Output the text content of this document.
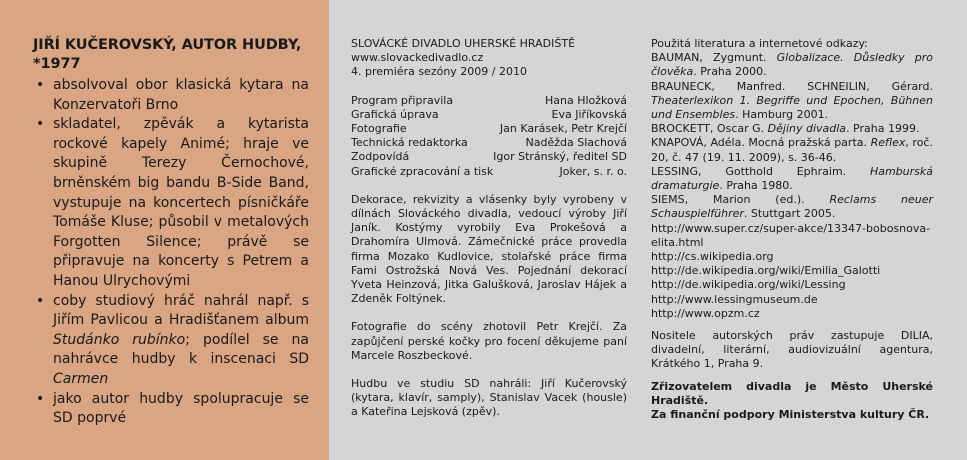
JIŘÍ KUČEROVSKÝ, AUTOR HUDBY,
*1977
• absolvoval obor klasická kytara na Konzervatoři Brno
• skladatel, zpěvák a kytarista rockové kapely Animé; hraje ve skupině Terezy Černochové, brněnském big bandu B-Side Band, vystupuje na koncertech písničkáře Tomáše Kluse; působil v metalových Forgotten Silence; právě se připravuje na koncerty s Petrem a Hanou Ulrychovými
• coby studiový hráč nahrál např. s Jiřím Pavlicou a Hradišťanem album Studánko rubínko; podílel se na nahrávce hudby k inscenaci SD Carmen
• jako autor hudby spolupracuje se SD poprvé
SLOVÁCKÉ DIVADLO UHERSKÉ HRADIŠTĚ
www.slovackedivadlo.cz
4. premiéra sezóny 2009 / 2010
Program připravila	Hana Hložková
Grafická úprava	Eva Jiříkovská
Fotografie	Jan Karásek, Petr Krejčí
Technická redaktorka	Naděžda Slachová
Zodpovídá	Igor Stránský, ředitel SD
Grafické zpracování a tisk	Joker, s. r. o.
Dekorace, rekvizity a vlásenky byly vyrobeny v dílnách Slováckého divadla, vedoucí výroby Jiří Janík. Kostýmy vyrobily Eva Prokešová a Drahomíra Ulmová. Zámečnické práce provedla firma Mozako Kudlovice, stolařské práce firma Fami Ostrožská Nová Ves. Pojednání dekorací Yveta Heinzová, Jitka Galušková, Jaroslav Hájek a Zdeněk Foltýnek.
Fotografie do scény zhotovil Petr Krejčí. Za zapůjčení perské kočky pro focení děkujeme paní Marcele Roszbeckové.
Hudbu ve studiu SD nahráli: Jiří Kučerovský (kytara, klavír, samply), Stanislav Vacek (housle) a Kateřina Lejsková (zpěv).

Použitá literatura a internetové odkazy:

BAUMAN, Zygmunt. Globalizace. Důsledky pro člověka. Praha 2000.

BRAUNECK, Manfred. SCHNEILIN, Gérard. Theaterlexikon 1. Begriffe und Epochen, Bühnen und Ensembles. Hamburg 2001.

BROCKETT, Oscar G. Dějiny divadla. Praha 1999.

KNAPOVÁ, Adéla. Mocná pražská parta. Reflex, roč. 20, č. 47 (19. 11. 2009), s. 36-46.

LESSING, Gotthold Ephraim. Hamburská dramaturgie. Praha 1980.

SIEMS, Marion (ed.). Reclams neuer Schauspielführer. Stuttgart 2005.

http://www.super.cz/super-akce/13347-bobosnova-elita.html

http://cs.wikipedia.org

http://de.wikipedia.org/wiki/Emilia_Galotti

http://de.wikipedia.org/wiki/Lessing

http://www.lessingmuseum.de

http://www.opzm.cz

Nositele autorských práv zastupuje DILIA, divadelní, literární, audiovizuální agentura, Krátkého 1, Praha 9.

Zřizovatelem divadla je Město Uherské Hradiště.

Za finanční podpory Ministerstva kultury ČR.
